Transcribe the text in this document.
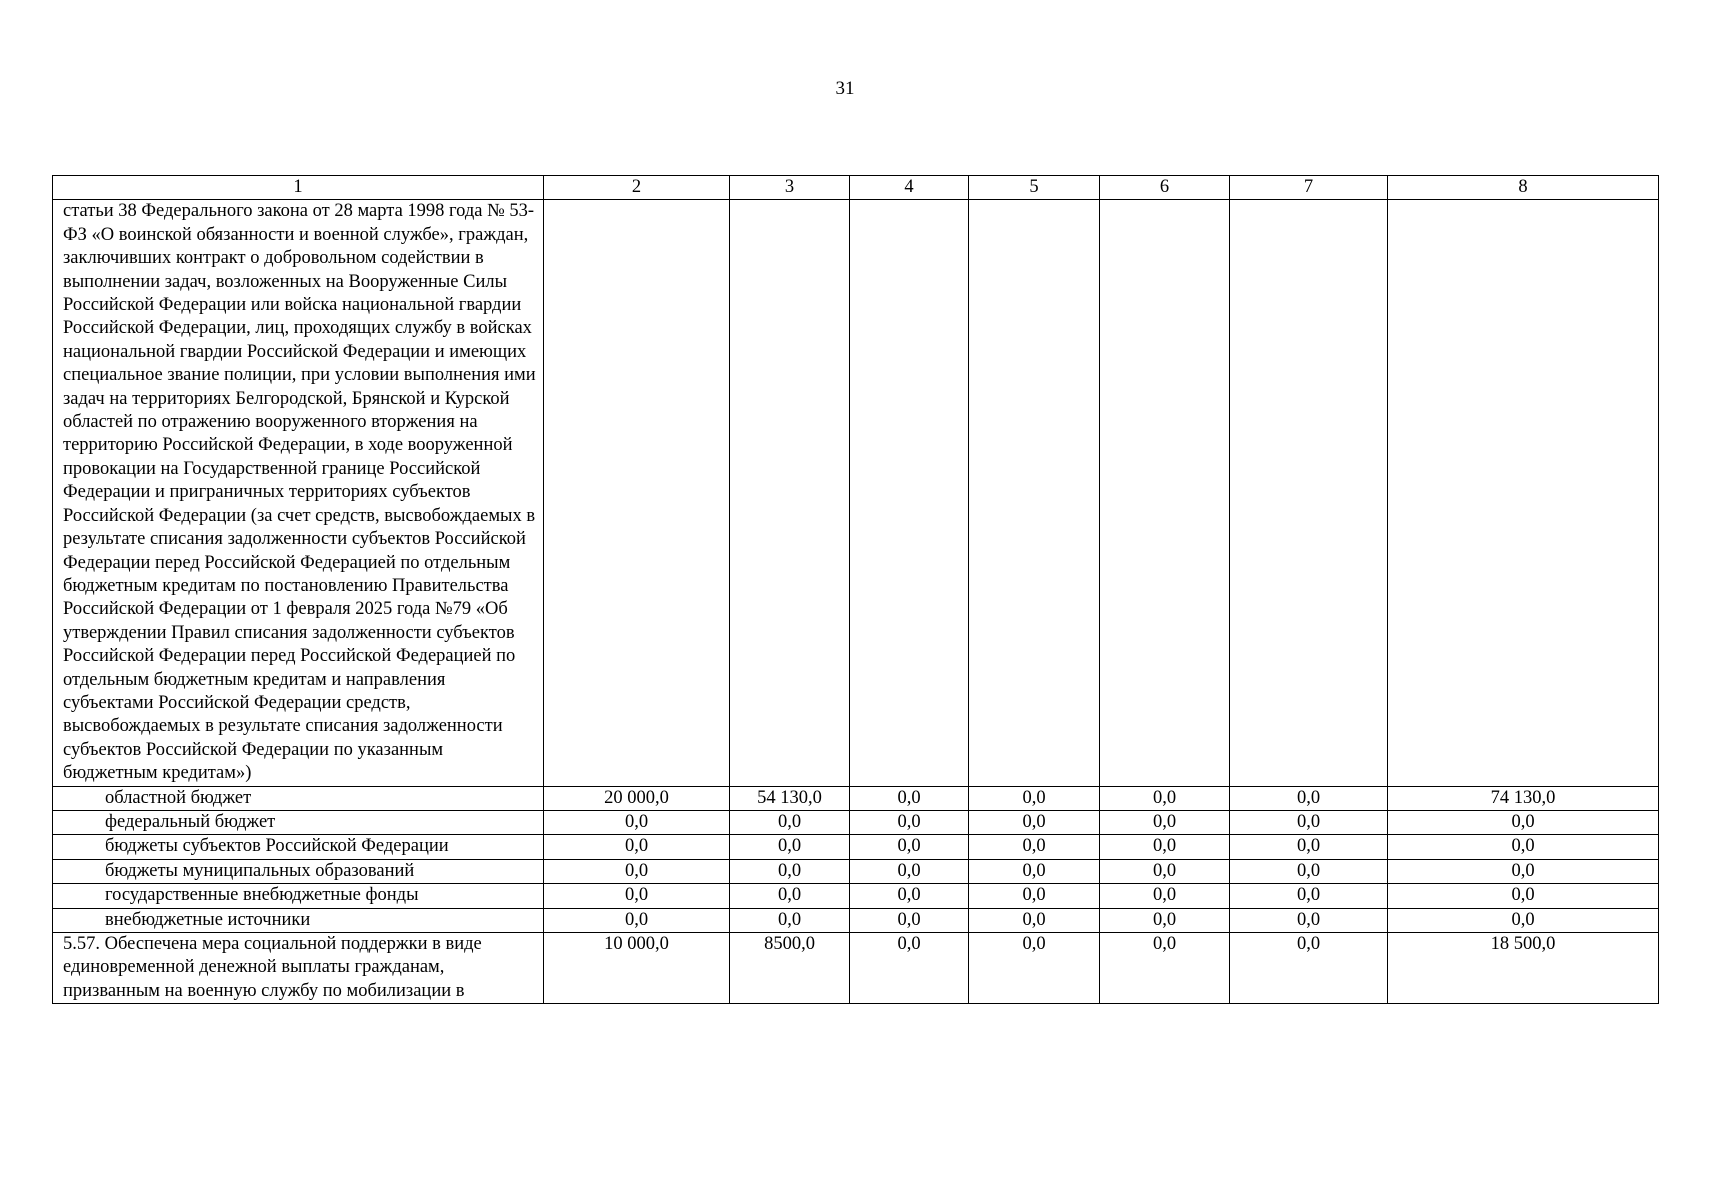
31
1	2	3	4	5	6	7	8
статьи 38 Федерального закона от 28 марта 1998 года № 53-ФЗ «О воинской обязанности и военной службе», граждан, заключивших контракт о добровольном содействии в выполнении задач, возложенных на Вооруженные Силы Российской Федерации или войска национальной гвардии Российской Федерации, лиц, проходящих службу в войсках национальной гвардии Российской Федерации и имеющих специальное звание полиции, при условии выполнения ими задач на территориях Белгородской, Брянской и Курской областей по отражению вооруженного вторжения на территорию Российской Федерации, в ходе вооруженной провокации на Государственной границе Российской Федерации и приграничных территориях субъектов Российской Федерации (за счет средств, высвобождаемых в результате списания задолженности субъектов Российской Федерации перед Российской Федерацией по отдельным бюджетным кредитам по постановлению Правительства Российской Федерации от 1 февраля 2025 года №79 «Об утверждении Правил списания задолженности субъектов Российской Федерации перед Российской Федерацией по отдельным бюджетным кредитам и направления субъектами Российской Федерации средств, высвобождаемых в результате списания задолженности субъектов Российской Федерации по указанным бюджетным кредитам»)							
областной бюджет	20 000,0	54 130,0	0,0	0,0	0,0	0,0	74 130,0
федеральный бюджет	0,0	0,0	0,0	0,0	0,0	0,0	0,0
бюджеты субъектов Российской Федерации	0,0	0,0	0,0	0,0	0,0	0,0	0,0
бюджеты муниципальных образований	0,0	0,0	0,0	0,0	0,0	0,0	0,0
государственные внебюджетные фонды	0,0	0,0	0,0	0,0	0,0	0,0	0,0
внебюджетные источники	0,0	0,0	0,0	0,0	0,0	0,0	0,0
5.57. Обеспечена мера социальной поддержки в виде единовременной денежной выплаты гражданам, призванным на военную службу по мобилизации в	10 000,0	8500,0	0,0	0,0	0,0	0,0	18 500,0
